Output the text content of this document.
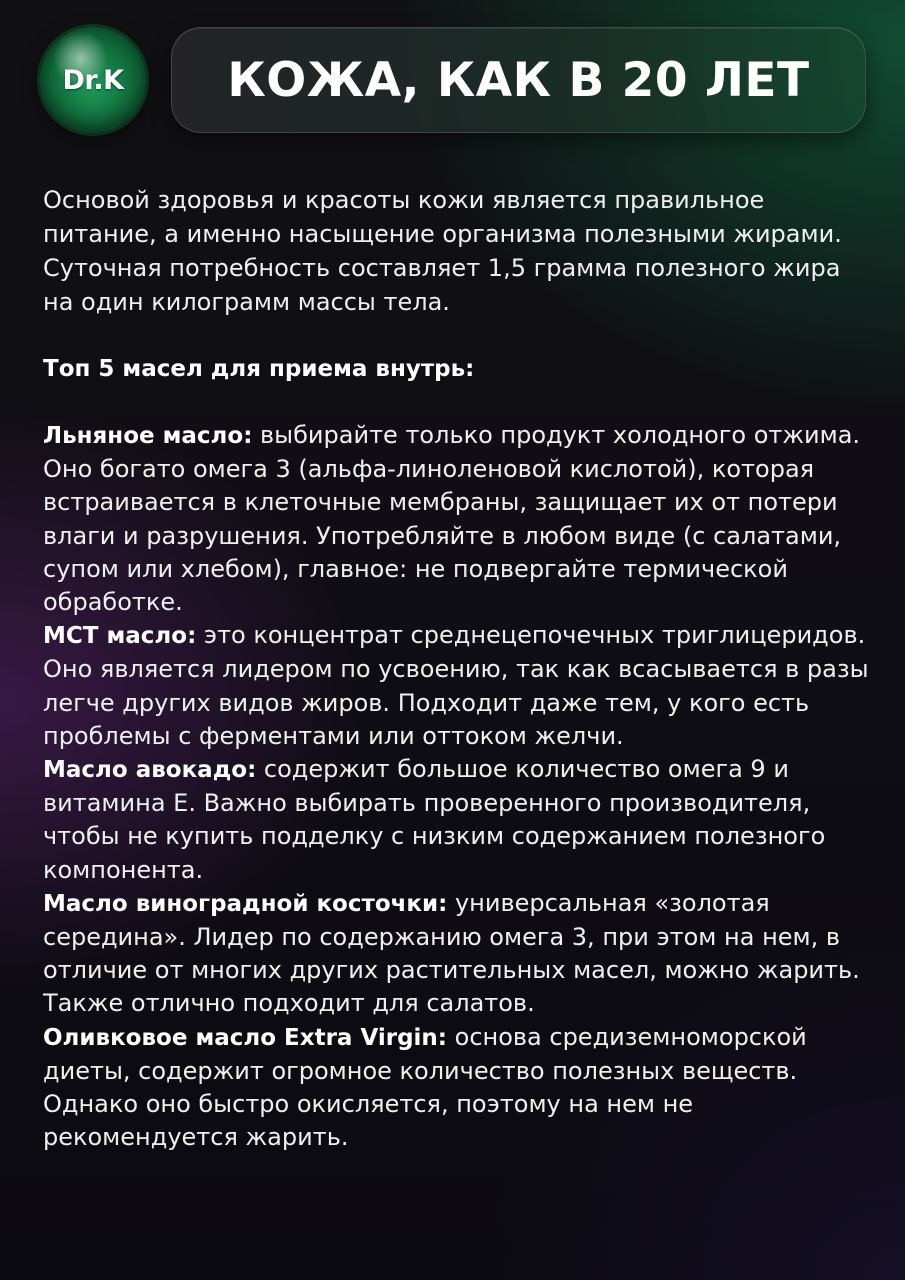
Dr.K КОЖА, КАК В 20 ЛЕТ

Основой здоровья и красоты кожи является правильное питание, а именно насыщение организма полезными жирами. Суточная потребность составляет 1,5 грамма полезного жира на один килограмм массы тела.

Топ 5 масел для приема внутрь:

Льняное масло: выбирайте только продукт холодного отжима. Оно богато омега 3 (альфа-линоленовой кислотой), которая встраивается в клеточные мембраны, защищает их от потери влаги и разрушения. Употребляйте в любом виде (с салатами, супом или хлебом), главное: не подвергайте термической обработке.

МСТ масло: это концентрат среднецепочечных триглицеридов. Оно является лидером по усвоению, так как всасывается в разы легче других видов жиров. Подходит даже тем, у кого есть проблемы с ферментами или оттоком желчи.

Масло авокадо: содержит большое количество омега 9 и витамина Е. Важно выбирать проверенного производителя, чтобы не купить подделку с низким содержанием полезного компонента.

Масло виноградной косточки: универсальная «золотая середина». Лидер по содержанию омега 3, при этом на нем, в отличие от многих других растительных масел, можно жарить. Также отлично подходит для салатов.

Оливковое масло Extra Virgin: основа средиземноморской диеты, содержит огромное количество полезных веществ. Однако оно быстро окисляется, поэтому на нем не рекомендуется жарить.
